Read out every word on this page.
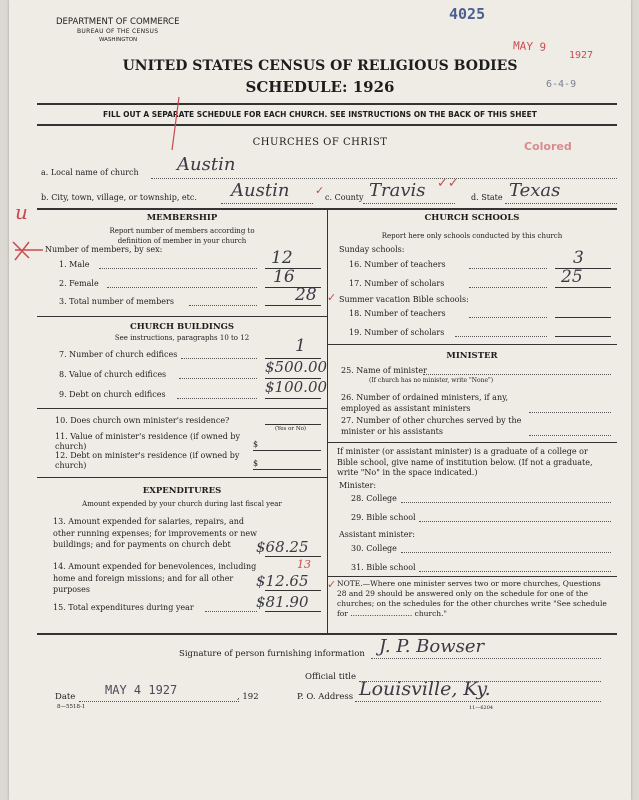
DEPARTMENT OF COMMERCE
BUREAU OF THE CENSUS
WASHINGTON
4025
MAY 9
1927
6-4-9
UNITED STATES CENSUS OF RELIGIOUS BODIES
SCHEDULE: 1926
FILL OUT A SEPARATE SCHEDULE FOR EACH CHURCH. SEE INSTRUCTIONS ON THE BACK OF THIS SHEET
CHURCHES OF CHRIST	Colored
a. Local name of church Austin
b. City, town, village, or township, etc. Austin ✓
c. County Travis ✓✓
d. State Texas
u	MEMBERSHIP
Report number of members according to definition of member in your church
Number of members, by sex:
1. Male	12
2. Female	16
3. Total number of members	28 ✓
CHURCH BUILDINGS
See instructions, paragraphs 10 to 12
7. Number of church edifices	1
8. Value of church edifices	$500.00
9. Debt on church edifices	$100.00
10. Does church own minister's residence?
(Yes or No)
11. Value of minister's residence (if owned by church)	$
12. Debt on minister's residence (if owned by church)	$
EXPENDITURES
Amount expended by your church during last fiscal year
13. Amount expended for salaries, repairs, and other running expenses; for improvements or new buildings; and for payments on church debt	$68.25
14. Amount expended for benevolences, including home and foreign missions; and for all other purposes
13
$12.65 ✓
15. Total expenditures during year	$81.90
CHURCH SCHOOLS
Report here only schools conducted by this church
Sunday schools:
16. Number of teachers	3
17. Number of scholars	25
Summer vacation Bible schools:
18. Number of teachers
19. Number of scholars
MINISTER
25. Name of minister
(If church has no minister, write "None")
26. Number of ordained ministers, if any, employed as assistant ministers
27. Number of other churches served by the minister or his assistants
If minister (or assistant minister) is a graduate of a college or Bible school, give name of institution below. (If not a graduate, write "No" in the space indicated.)
Minister:
28. College
29. Bible school
Assistant minister:
30. College
31. Bible school
NOTE.—Where one minister serves two or more churches, Questions 28 and 29 should be answered only on the schedule for one of the churches; on the schedules for the other churches write "See schedule for .......................... church."
Signature of person furnishing information J. P. Bowser
Official title
Date MAY 4 1927	, 192	P. O. Address Louisville, Ky.
8—5518-1	11—6204
